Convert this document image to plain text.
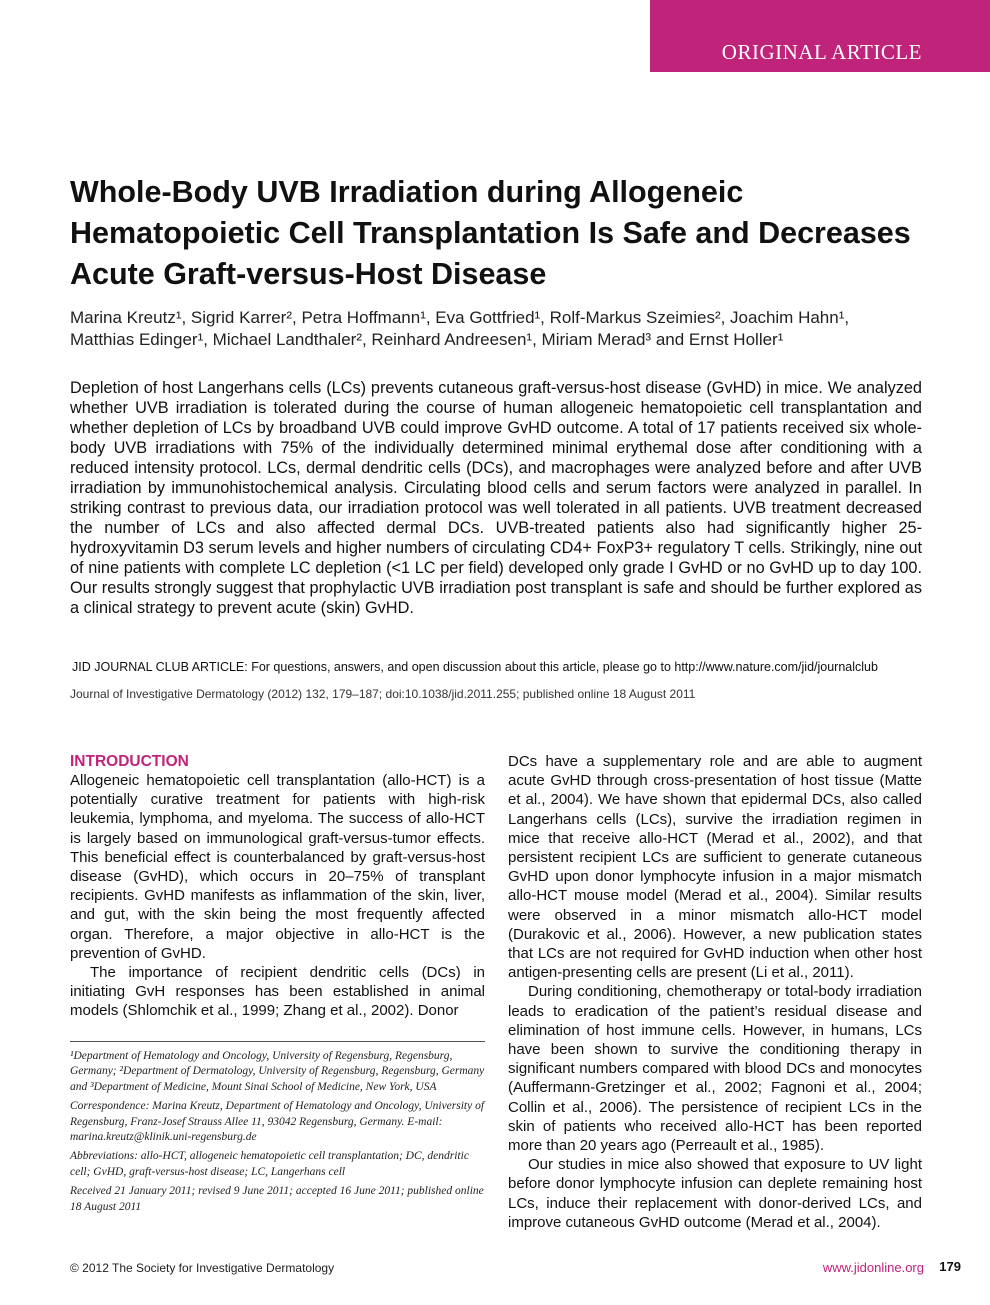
ORIGINAL ARTICLE
Whole-Body UVB Irradiation during Allogeneic Hematopoietic Cell Transplantation Is Safe and Decreases Acute Graft-versus-Host Disease
Marina Kreutz¹, Sigrid Karrer², Petra Hoffmann¹, Eva Gottfried¹, Rolf-Markus Szeimies², Joachim Hahn¹,
Matthias Edinger¹, Michael Landthaler², Reinhard Andreesen¹, Miriam Merad³ and Ernst Holler¹

Depletion of host Langerhans cells (LCs) prevents cutaneous graft-versus-host disease (GvHD) in mice. We analyzed whether UVB irradiation is tolerated during the course of human allogeneic hematopoietic cell transplantation and whether depletion of LCs by broadband UVB could improve GvHD outcome. A total of 17 patients received six whole-body UVB irradiations with 75% of the individually determined minimal erythemal dose after conditioning with a reduced intensity protocol. LCs, dermal dendritic cells (DCs), and macrophages were analyzed before and after UVB irradiation by immunohistochemical analysis. Circulating blood cells and serum factors were analyzed in parallel. In striking contrast to previous data, our irradiation protocol was well tolerated in all patients. UVB treatment decreased the number of LCs and also affected dermal DCs. UVB-treated patients also had significantly higher 25-hydroxyvitamin D3 serum levels and higher numbers of circulating CD4+ FoxP3+ regulatory T cells. Strikingly, nine out of nine patients with complete LC depletion (<1 LC per field) developed only grade I GvHD or no GvHD up to day 100. Our results strongly suggest that prophylactic UVB irradiation post transplant is safe and should be further explored as a clinical strategy to prevent acute (skin) GvHD.

JID JOURNAL CLUB ARTICLE: For questions, answers, and open discussion about this article, please go to http://www.nature.com/jid/journalclub
Journal of Investigative Dermatology (2012) 132, 179–187; doi:10.1038/jid.2011.255; published online 18 August 2011
INTRODUCTION

Allogeneic hematopoietic cell transplantation (allo-HCT) is a potentially curative treatment for patients with high-risk leukemia, lymphoma, and myeloma. The success of allo-HCT is largely based on immunological graft-versus-tumor effects. This beneficial effect is counterbalanced by graft-versus-host disease (GvHD), which occurs in 20–75% of transplant recipients. GvHD manifests as inflammation of the skin, liver, and gut, with the skin being the most frequently affected organ. Therefore, a major objective in allo-HCT is the prevention of GvHD.

The importance of recipient dendritic cells (DCs) in initiating GvH responses has been established in animal models (Shlomchik et al., 1999; Zhang et al., 2002). Donor

¹Department of Hematology and Oncology, University of Regensburg, Regensburg, Germany; ²Department of Dermatology, University of Regensburg, Regensburg, Germany and ³Department of Medicine, Mount Sinai School of Medicine, New York, USA

Correspondence: Marina Kreutz, Department of Hematology and Oncology, University of Regensburg, Franz-Josef Strauss Allee 11, 93042 Regensburg, Germany. E-mail: marina.kreutz@klinik.uni-regensburg.de

Abbreviations: allo-HCT, allogeneic hematopoietic cell transplantation; DC, dendritic cell; GvHD, graft-versus-host disease; LC, Langerhans cell

Received 21 January 2011; revised 9 June 2011; accepted 16 June 2011; published online 18 August 2011

DCs have a supplementary role and are able to augment acute GvHD through cross-presentation of host tissue (Matte et al., 2004). We have shown that epidermal DCs, also called Langerhans cells (LCs), survive the irradiation regimen in mice that receive allo-HCT (Merad et al., 2002), and that persistent recipient LCs are sufficient to generate cutaneous GvHD upon donor lymphocyte infusion in a major mismatch allo-HCT mouse model (Merad et al., 2004). Similar results were observed in a minor mismatch allo-HCT model (Durakovic et al., 2006). However, a new publication states that LCs are not required for GvHD induction when other host antigen-presenting cells are present (Li et al., 2011).

During conditioning, chemotherapy or total-body irradiation leads to eradication of the patient’s residual disease and elimination of host immune cells. However, in humans, LCs have been shown to survive the conditioning therapy in significant numbers compared with blood DCs and monocytes (Auffermann-Gretzinger et al., 2002; Fagnoni et al., 2004; Collin et al., 2006). The persistence of recipient LCs in the skin of patients who received allo-HCT has been reported more than 20 years ago (Perreault et al., 1985).

Our studies in mice also showed that exposure to UV light before donor lymphocyte infusion can deplete remaining host LCs, induce their replacement with donor-derived LCs, and improve cutaneous GvHD outcome (Merad et al., 2004).

© 2012 The Society for Investigative Dermatology	www.jidonline.org 179
